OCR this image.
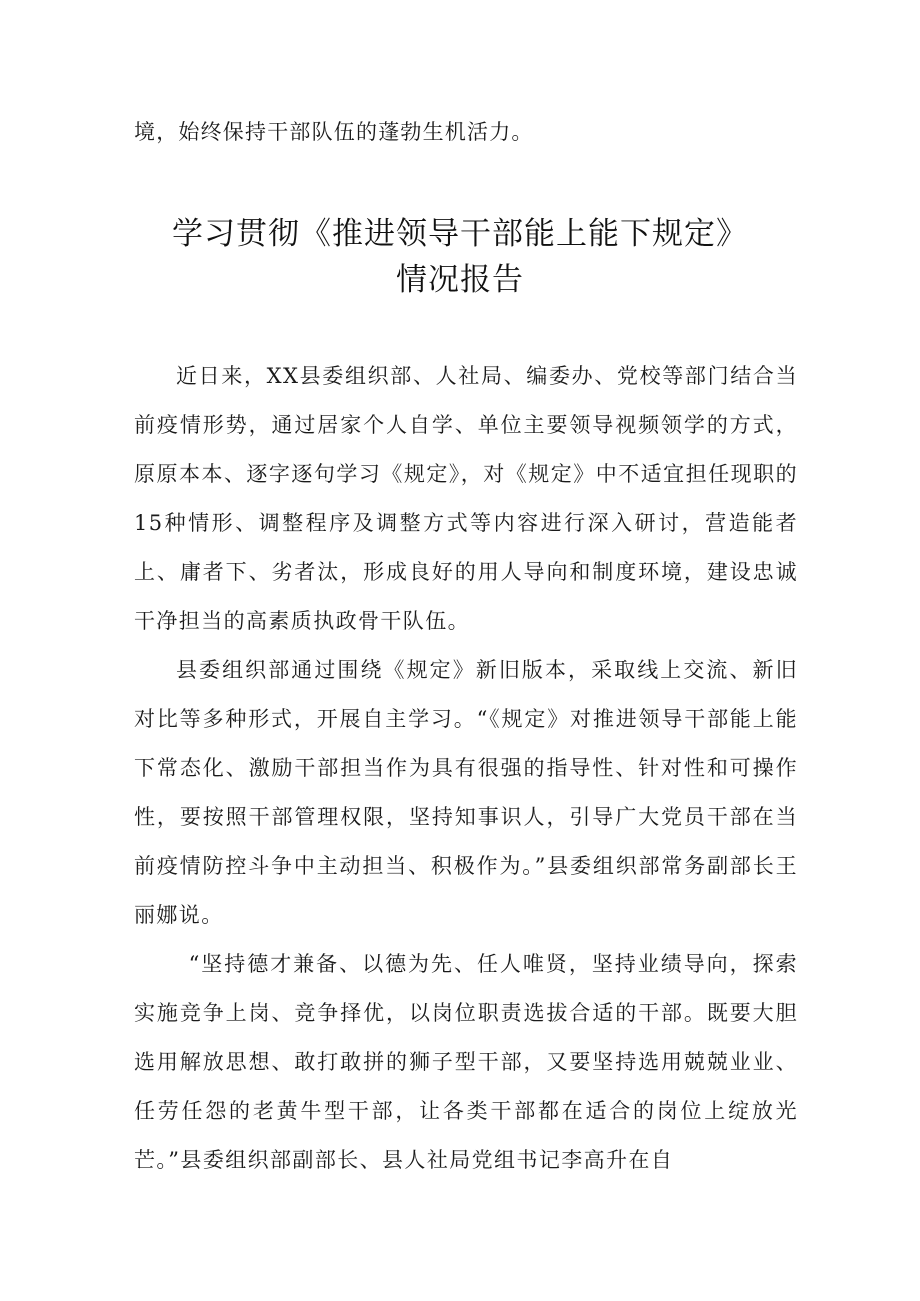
境，始终保持干部队伍的蓬勃生机活力。
学习贯彻《推进领导干部能上能下规定》
情况报告

近日来，XX县委组织部、人社局、编委办、党校等部门结合当前疫情形势，通过居家个人自学、单位主要领导视频领学的方式，原原本本、逐字逐句学习《规定》，对《规定》中不适宜担任现职的15种情形、调整程序及调整方式等内容进行深入研讨，营造能者上、庸者下、劣者汰，形成良好的用人导向和制度环境，建设忠诚干净担当的高素质执政骨干队伍。

县委组织部通过围绕《规定》新旧版本，采取线上交流、新旧对比等多种形式，开展自主学习。“《规定》对推进领导干部能上能下常态化、激励干部担当作为具有很强的指导性、针对性和可操作性，要按照干部管理权限，坚持知事识人，引导广大党员干部在当前疫情防控斗争中主动担当、积极作为。”县委组织部常务副部长王丽娜说。

“坚持德才兼备、以德为先、任人唯贤，坚持业绩导向，探索实施竞争上岗、竞争择优，以岗位职责选拔合适的干部。既要大胆选用解放思想、敢打敢拼的狮子型干部，又要坚持选用兢兢业业、任劳任怨的老黄牛型干部，让各类干部都在适合的岗位上绽放光芒。”县委组织部副部长、县人社局党组书记李高升在自
